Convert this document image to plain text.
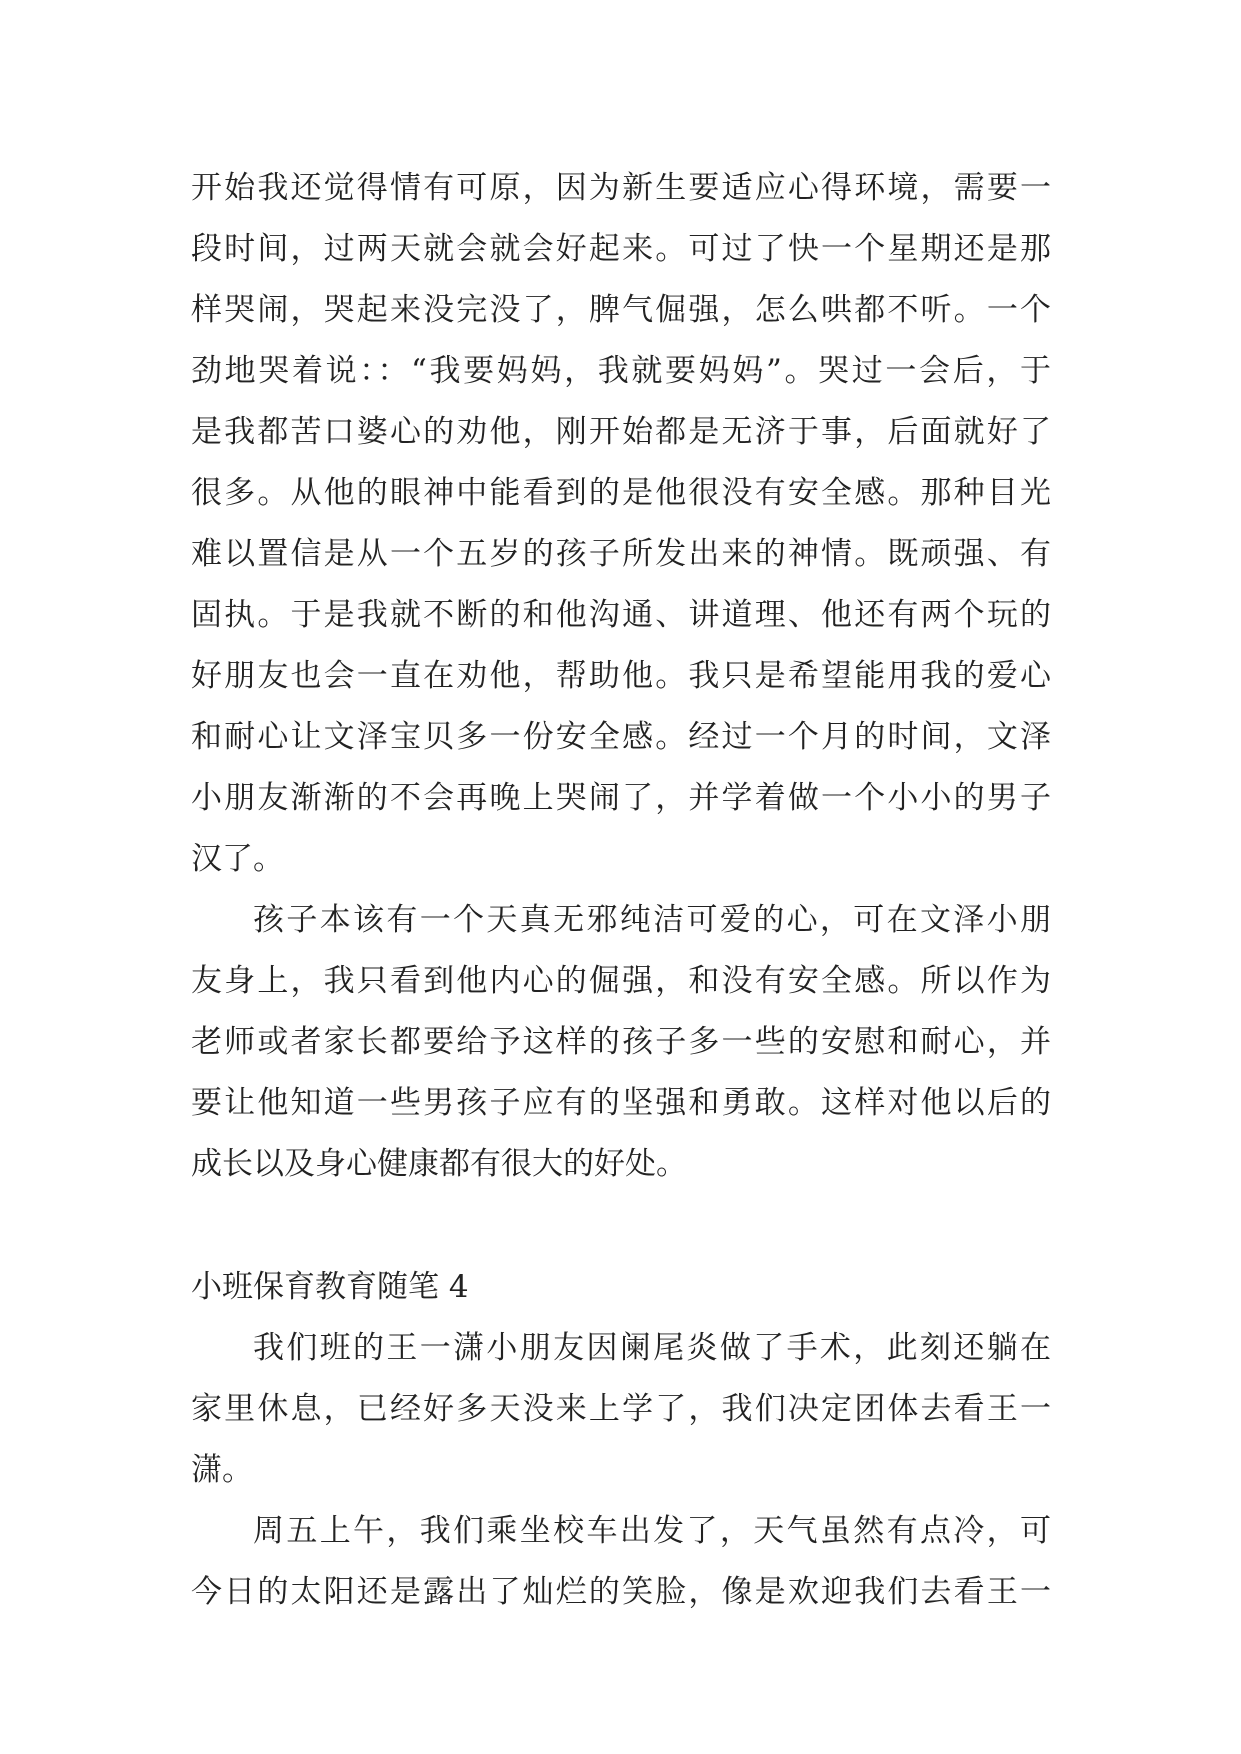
开始我还觉得情有可原，因为新生要适应心得环境，需要一
段时间，过两天就会就会好起来。可过了快一个星期还是那
样哭闹，哭起来没完没了，脾气倔强，怎么哄都不听。一个
劲地哭着说：：“我要妈妈，我就要妈妈”。哭过一会后，于
是我都苦口婆心的劝他，刚开始都是无济于事，后面就好了
很多。从他的眼神中能看到的是他很没有安全感。那种目光
难以置信是从一个五岁的孩子所发出来的神情。既顽强、有
固执。于是我就不断的和他沟通、讲道理、他还有两个玩的
好朋友也会一直在劝他，帮助他。我只是希望能用我的爱心
和耐心让文泽宝贝多一份安全感。经过一个月的时间，文泽
小朋友渐渐的不会再晚上哭闹了，并学着做一个小小的男子
汉了。
孩子本该有一个天真无邪纯洁可爱的心，可在文泽小朋
友身上，我只看到他内心的倔强，和没有安全感。所以作为
老师或者家长都要给予这样的孩子多一些的安慰和耐心，并
要让他知道一些男孩子应有的坚强和勇敢。这样对他以后的
成长以及身心健康都有很大的好处。
小班保育教育随笔 4
我们班的王一潇小朋友因阑尾炎做了手术，此刻还躺在
家里休息，已经好多天没来上学了，我们决定团体去看王一
潇。
周五上午，我们乘坐校车出发了，天气虽然有点冷，可
今日的太阳还是露出了灿烂的笑脸，像是欢迎我们去看王一
